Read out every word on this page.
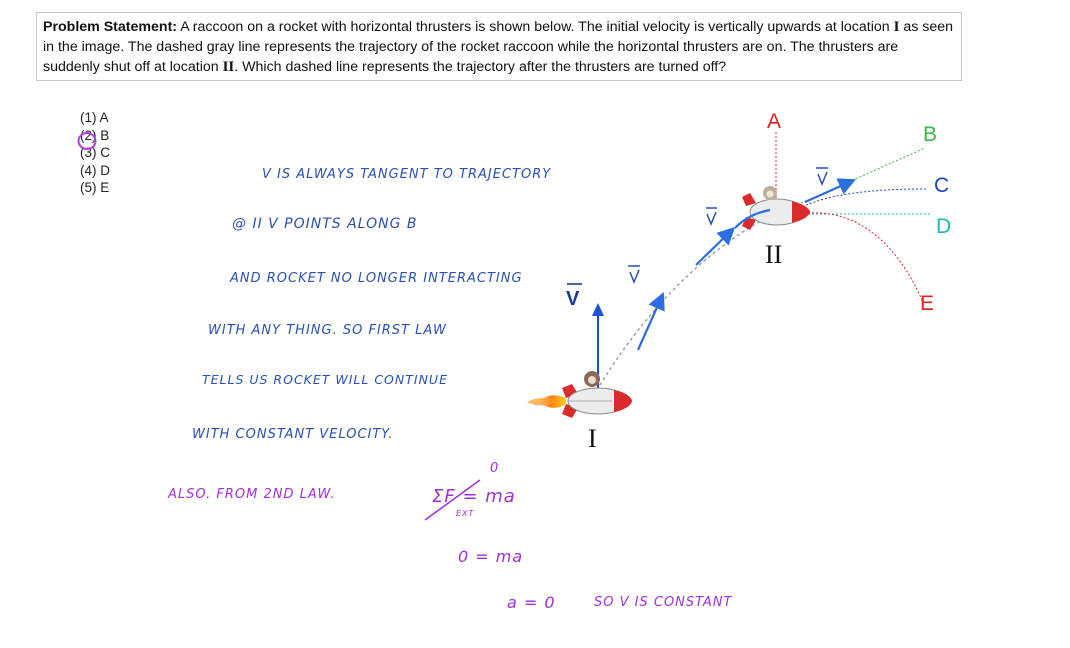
Problem Statement: A raccoon on a rocket with horizontal thrusters is shown below. The initial velocity is vertically upwards at location I as seen in the image. The dashed gray line represents the trajectory of the rocket raccoon while the horizontal thrusters are on. The thrusters are suddenly shut off at location II. Which dashed line represents the trajectory after the thrusters are turned off?
(1) A
(2) B
(3) C
(4) D
(5) E
A
B
C
D
E
I
II
V
V IS ALWAYS TANGENT TO TRAJECTORY
@ II V POINTS ALONG B
AND ROCKET NO LONGER INTERACTING
WITH ANY THING. SO FIRST LAW
TELLS US ROCKET WILL CONTINUE
WITH CONSTANT VELOCITY.
ALSO. FROM 2ND LAW.	ΣF = ma
EXT
0
0 = ma
a = 0	SO V IS CONSTANT
